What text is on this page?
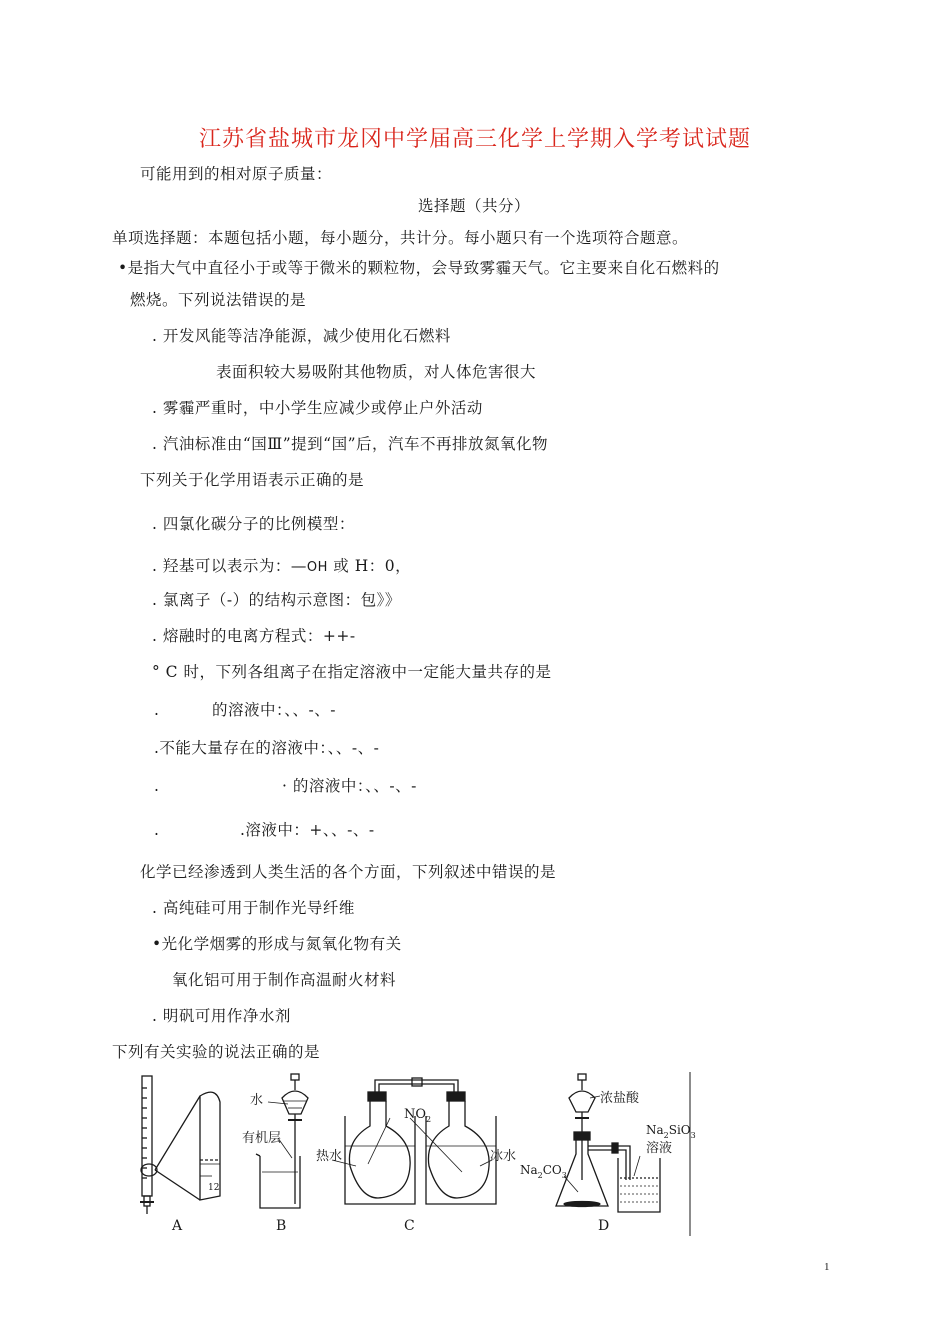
江苏省盐城市龙冈中学届高三化学上学期入学考试试题
可能用到的相对原子质量：
选择题（共分）
单项选择题：本题包括小题，每小题分，共计分。每小题只有一个选项符合题意。
•是指大气中直径小于或等于微米的颗粒物，会导致雾霾天气。它主要来自化石燃料的
燃烧。下列说法错误的是
. 开发风能等洁净能源，减少使用化石燃料
表面积较大易吸附其他物质，对人体危害很大
. 雾霾严重时，中小学生应减少或停止户外活动
. 汽油标准由“国Ⅲ”提到“国”后，汽车不再排放氮氧化物
下列关于化学用语表示正确的是
. 四氯化碳分子的比例模型：
. 羟基可以表示为：—OH 或 H：0，
. 氯离子（-）的结构示意图：包》》
. 熔融时的电离方程式：++-
° C 时，下列各组离子在指定溶液中一定能大量共存的是
.	的溶液中：、、-、-
.不能大量存在的溶液中：、、-、-
.	· 的溶液中：、、-、-
.	.溶液中：+、、-、-
化学已经渗透到人类生活的各个方面，下列叙述中错误的是
. 高纯硅可用于制作光导纤维
•光化学烟雾的形成与氮氧化物有关
氧化铝可用于制作高温耐火材料
. 明矾可用作净水剂
下列有关实验的说法正确的是
12
A
水
有机层
B
$NO_2$
热水	冰水
C
浓盐酸
$Na_2CO_3$
$Na_2SiO_3$
溶液
D
1
